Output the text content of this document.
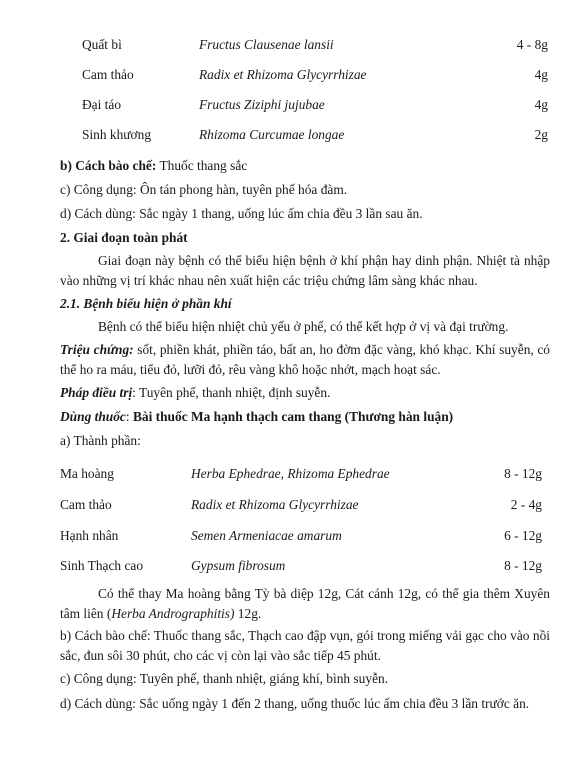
Quất bì	Fructus Clausenae lansii	4 - 8g
Cam thảo	Radix et Rhizoma Glycyrrhizae	4g
Đại táo	Fructus Ziziphi jujubae	4g
Sinh khương	Rhizoma Curcumae longae	2g
b) Cách bào chế: Thuốc thang sắc
c) Công dụng: Ôn tán phong hàn, tuyên phế hóa đàm.
d) Cách dùng: Sắc ngày 1 thang, uống lúc ấm chia đều 3 lần sau ăn.
2. Giai đoạn toàn phát
Giai đoạn này bệnh có thể biểu hiện bệnh ở khí phận hay dinh phận. Nhiệt tà nhập vào những vị trí khác nhau nên xuất hiện các triệu chứng lâm sàng khác nhau.
2.1. Bệnh biểu hiện ở phần khí
Bệnh có thể biểu hiện nhiệt chủ yếu ở phế, có thể kết hợp ở vị và đại trường.
Triệu chứng: sốt, phiền khát, phiền táo, bất an, ho đờm đặc vàng, khó khạc. Khí suyễn, có thể ho ra máu, tiểu đỏ, lưỡi đỏ, rêu vàng khô hoặc nhớt, mạch hoạt sác.
Pháp điều trị: Tuyên phế, thanh nhiệt, định suyễn.
Dùng thuốc: Bài thuốc Ma hạnh thạch cam thang (Thương hàn luận)
a) Thành phần:
Ma hoàng	Herba Ephedrae, Rhizoma Ephedrae	8 - 12g
Cam thảo	Radix et Rhizoma Glycyrrhizae	2 - 4g
Hạnh nhân	Semen Armeniacae amarum	6 - 12g
Sinh Thạch cao	Gypsum fibrosum	8 - 12g
Có thể thay Ma hoàng bằng Tỳ bà diệp 12g, Cát cánh 12g, có thể gia thêm Xuyên tâm liên (Herba Andrographitis) 12g.
b) Cách bào chế: Thuốc thang sắc, Thạch cao đập vụn, gói trong miếng vải gạc cho vào nồi sắc, đun sôi 30 phút, cho các vị còn lại vào sắc tiếp 45 phút.
c) Công dụng: Tuyên phế, thanh nhiệt, giáng khí, bình suyễn.
d) Cách dùng: Sắc uống ngày 1 đến 2 thang, uống thuốc lúc ấm chia đều 3 lần trước ăn.
